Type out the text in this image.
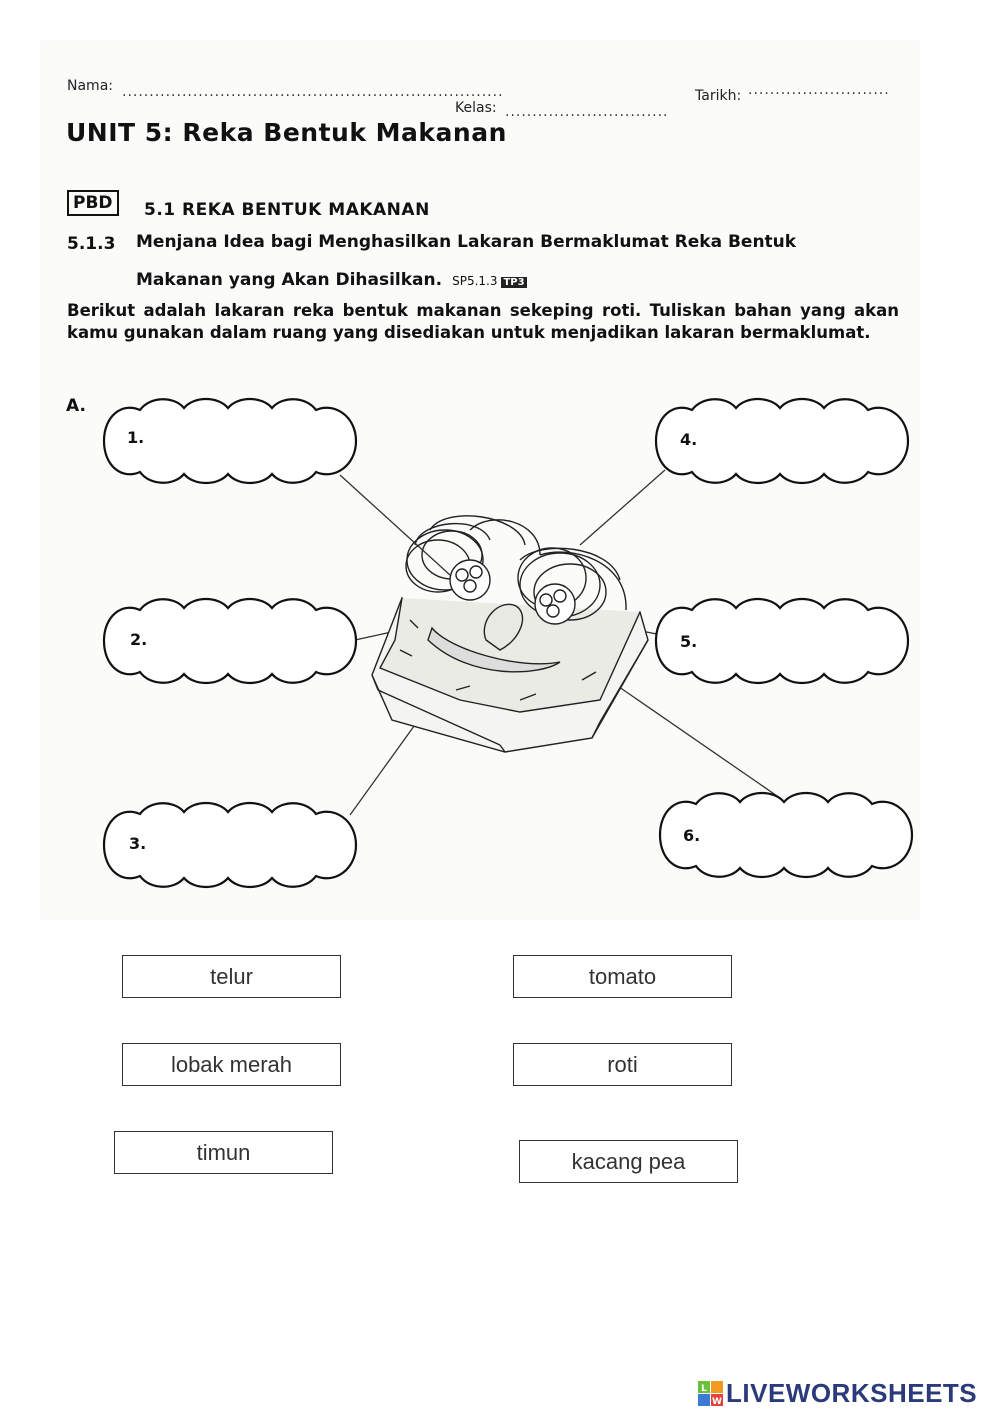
Nama: ......................................................................
Kelas: ..............................
Tarikh: ..........................
UNIT 5: Reka Bentuk Makanan
PBD	5.1 REKA BENTUK MAKANAN
5.1.3 Menjana Idea bagi Menghasilkan Lakaran Bermaklumat Reka Bentuk
Makanan yang Akan Dihasilkan. SP5.1.3 TP3
Berikut adalah lakaran reka bentuk makanan sekeping roti. Tuliskan bahan yang akan kamu gunakan dalam ruang yang disediakan untuk menjadikan lakaran bermaklumat.
A.
1.
2.
3.
4.
5.
6.
telur	tomato
lobak merah	roti
timun	kacang pea
L
W LIVEWORKSHEETS
